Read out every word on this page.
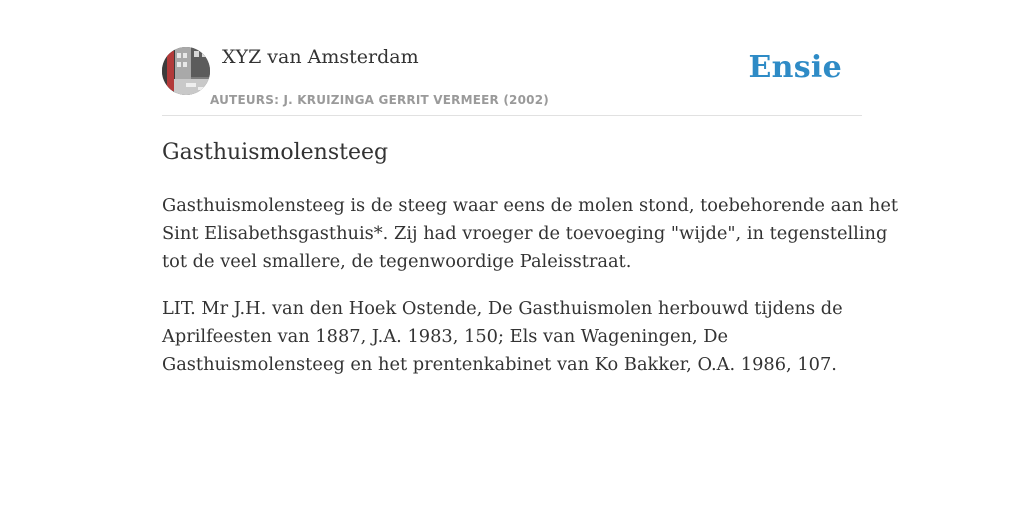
XYZ van Amsterdam
AUTEURS: J. KRUIZINGA GERRIT VERMEER (2002)
Ensie
Gasthuismolensteeg

Gasthuismolensteeg is de steeg waar eens de molen stond, toebehorende aan het
Sint Elisabethsgasthuis*. Zij had vroeger de toevoeging "wijde", in tegenstelling
tot de veel smallere, de tegenwoordige Paleisstraat.

LIT. Mr J.H. van den Hoek Ostende, De Gasthuismolen herbouwd tijdens de
Aprilfeesten van 1887, J.A. 1983, 150; Els van Wageningen, De
Gasthuismolensteeg en het prentenkabinet van Ko Bakker, O.A. 1986, 107.
